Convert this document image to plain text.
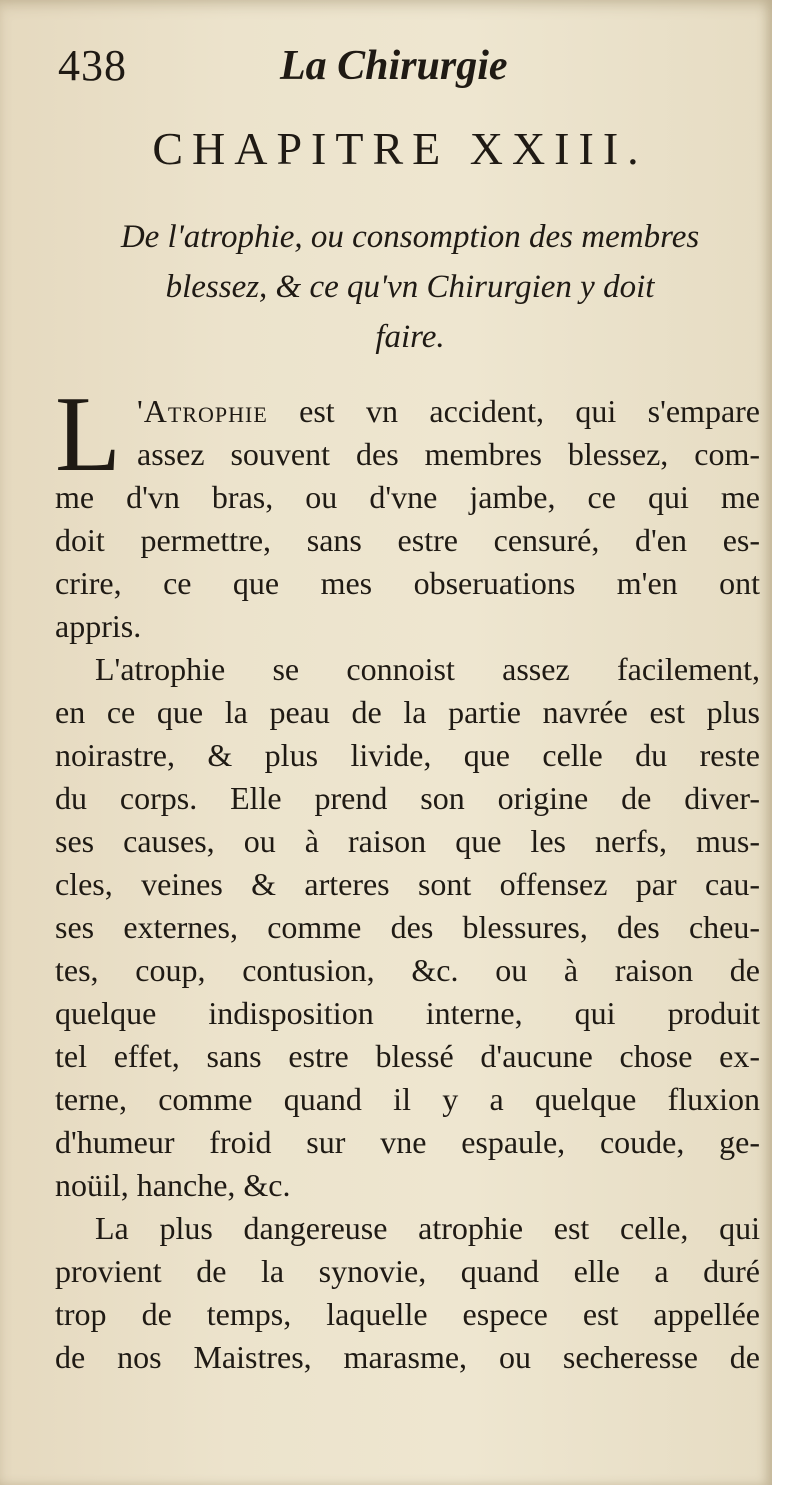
438	La Chirurgie
CHAPITRE XXIII.
De l'atrophie, ou consomption des membres
blessez, & ce qu'vn Chirurgien y doit
faire.
L 'Atrophie est vn accident, qui s'empare
assez souvent des membres blessez, com-
me d'vn bras, ou d'vne jambe, ce qui me
doit permettre, sans estre censuré, d'en es-
crire, ce que mes obseruations m'en ont
appris.
L'atrophie se connoist assez facilement,
en ce que la peau de la partie navrée est plus
noirastre, & plus livide, que celle du reste
du corps. Elle prend son origine de diver-
ses causes, ou à raison que les nerfs, mus-
cles, veines & arteres sont offensez par cau-
ses externes, comme des blessures, des cheu-
tes, coup, contusion, &c. ou à raison de
quelque indisposition interne, qui produit
tel effet, sans estre blessé d'aucune chose ex-
terne, comme quand il y a quelque fluxion
d'humeur froid sur vne espaule, coude, ge-
noüil, hanche, &c.
La plus dangereuse atrophie est celle, qui
provient de la synovie, quand elle a duré
trop de temps, laquelle espece est appellée
de nos Maistres, marasme, ou secheresse de
